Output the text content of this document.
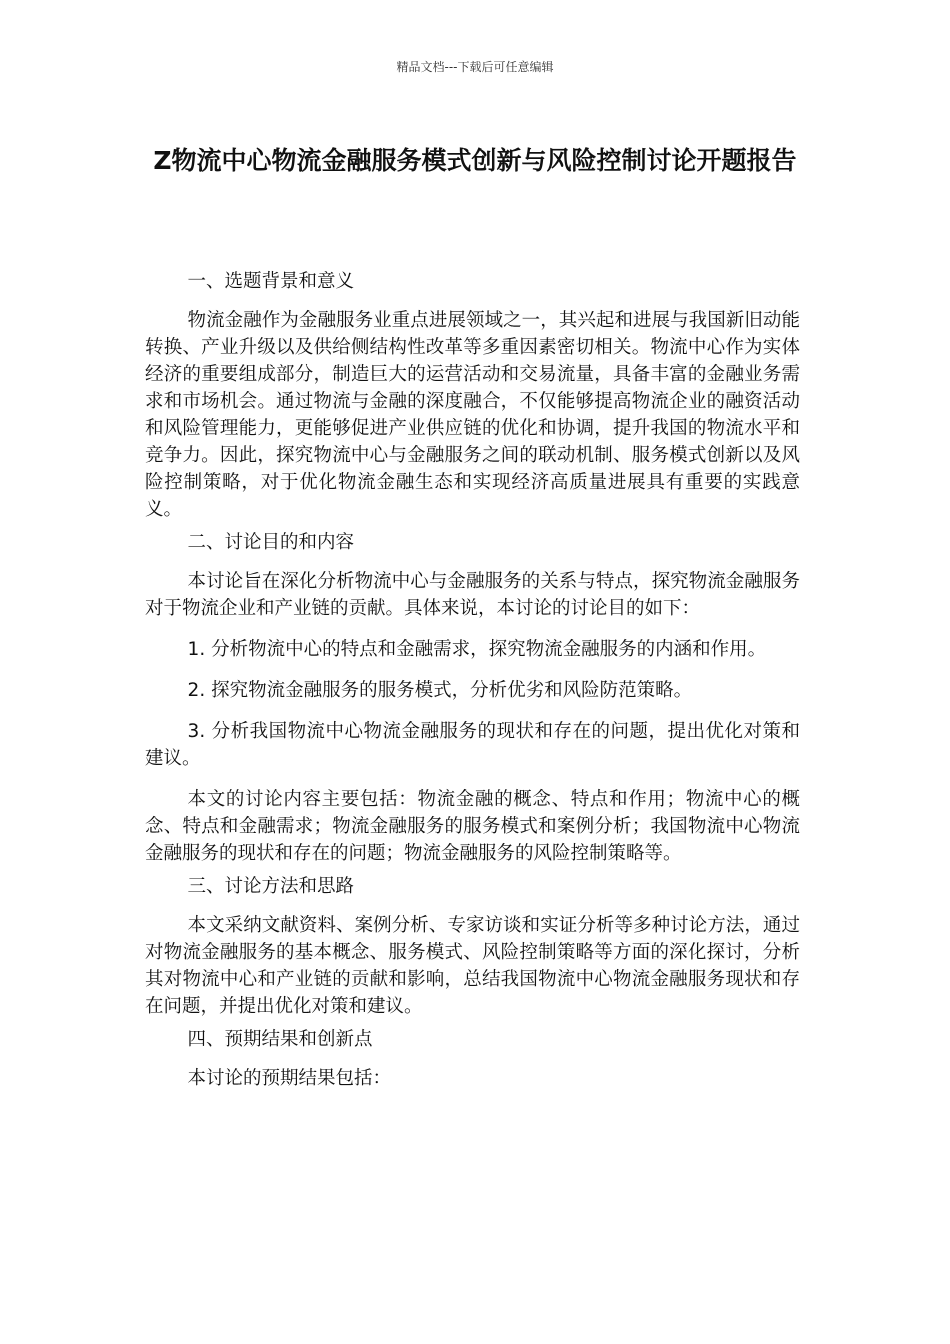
精品文档---下载后可任意编辑
Z物流中心物流金融服务模式创新与风险控制讨论开题报告

一、选题背景和意义

物流金融作为金融服务业重点进展领域之一，其兴起和进展与我国新旧动能转换、产业升级以及供给侧结构性改革等多重因素密切相关。物流中心作为实体经济的重要组成部分，制造巨大的运营活动和交易流量，具备丰富的金融业务需求和市场机会。通过物流与金融的深度融合，不仅能够提高物流企业的融资活动和风险管理能力，更能够促进产业供应链的优化和协调，提升我国的物流水平和竞争力。因此，探究物流中心与金融服务之间的联动机制、服务模式创新以及风险控制策略，对于优化物流金融生态和实现经济高质量进展具有重要的实践意义。

二、讨论目的和内容

本讨论旨在深化分析物流中心与金融服务的关系与特点，探究物流金融服务对于物流企业和产业链的贡献。具体来说，本讨论的讨论目的如下：

1. 分析物流中心的特点和金融需求，探究物流金融服务的内涵和作用。

2. 探究物流金融服务的服务模式，分析优劣和风险防范策略。

3. 分析我国物流中心物流金融服务的现状和存在的问题，提出优化对策和建议。

本文的讨论内容主要包括：物流金融的概念、特点和作用；物流中心的概念、特点和金融需求；物流金融服务的服务模式和案例分析；我国物流中心物流金融服务的现状和存在的问题；物流金融服务的风险控制策略等。

三、讨论方法和思路

本文采纳文献资料、案例分析、专家访谈和实证分析等多种讨论方法，通过对物流金融服务的基本概念、服务模式、风险控制策略等方面的深化探讨，分析其对物流中心和产业链的贡献和影响，总结我国物流中心物流金融服务现状和存在问题，并提出优化对策和建议。

四、预期结果和创新点

本讨论的预期结果包括：
